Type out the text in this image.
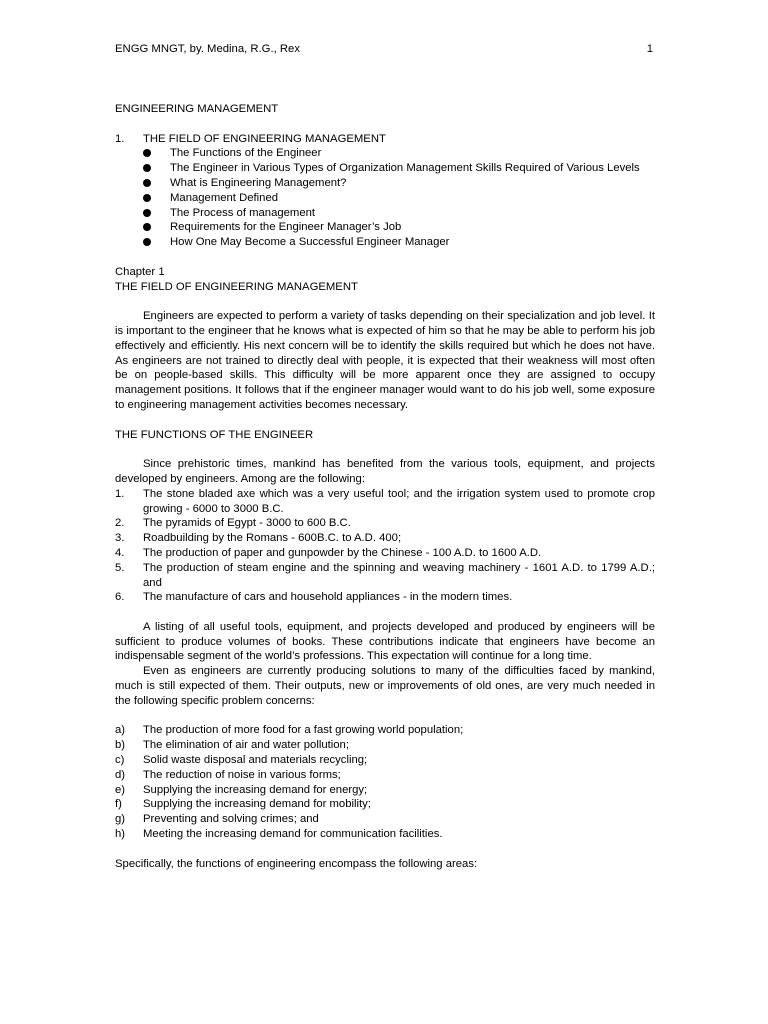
ENGG MNGT, by. Medina, R.G., Rex	1

ENGINEERING MANAGEMENT

1.	THE FIELD OF ENGINEERING MANAGEMENT
The Functions of the Engineer
The Engineer in Various Types of Organization Management Skills Required of Various Levels
What is Engineering Management?
Management Defined
The Process of management
Requirements for the Engineer Manager’s Job
How One May Become a Successful Engineer Manager

Chapter 1

THE FIELD OF ENGINEERING MANAGEMENT

Engineers are expected to perform a variety of tasks depending on their specialization and job level. It is important to the engineer that he knows what is expected of him so that he may be able to perform his job effectively and efficiently. His next concern will be to identify the skills required but which he does not have. As engineers are not trained to directly deal with people, it is expected that their weakness will most often be on people-based skills. This difficulty will be more apparent once they are assigned to occupy management positions. It follows that if the engineer manager would want to do his job well, some exposure to engineering management activities becomes necessary.

THE FUNCTIONS OF THE ENGINEER

Since prehistoric times, mankind has benefited from the various tools, equipment, and projects developed by engineers. Among are the following:

1.	The stone bladed axe which was a very useful tool; and the irrigation system used to promote crop growing - 6000 to 3000 B.C.
2.	The pyramids of Egypt - 3000 to 600 B.C.
3.	Roadbuilding by the Romans - 600B.C. to A.D. 400;
4.	The production of paper and gunpowder by the Chinese - 100 A.D. to 1600 A.D.
5.	The production of steam engine and the spinning and weaving machinery - 1601 A.D. to 1799 A.D.; and
6.	The manufacture of cars and household appliances - in the modern times.

A listing of all useful tools, equipment, and projects developed and produced by engineers will be sufficient to produce volumes of books. These contributions indicate that engineers have become an indispensable segment of the world’s professions. This expectation will continue for a long time.

Even as engineers are currently producing solutions to many of the difficulties faced by mankind, much is still expected of them. Their outputs, new or improvements of old ones, are very much needed in the following specific problem concerns:

a)	The production of more food for a fast growing world population;
b)	The elimination of air and water pollution;
c)	Solid waste disposal and materials recycling;
d)	The reduction of noise in various forms;
e)	Supplying the increasing demand for energy;
f)	Supplying the increasing demand for mobility;
g)	Preventing and solving crimes; and
h)	Meeting the increasing demand for communication facilities.

Specifically, the functions of engineering encompass the following areas:
